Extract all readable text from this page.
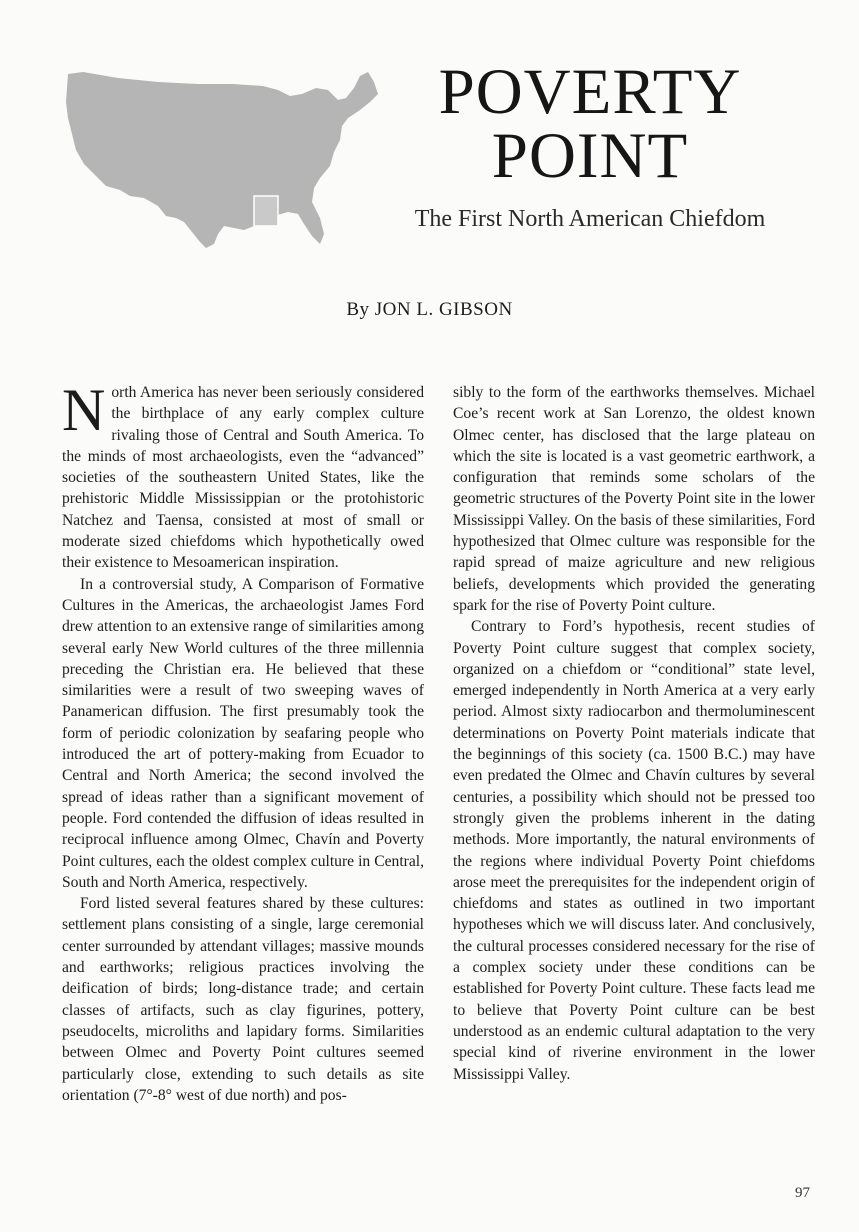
POVERTY
POINT
The First North American Chiefdom
By JON L. GIBSON

North America has never been seriously considered the birthplace of any early complex culture rivaling those of Central and South America. To the minds of most archaeologists, even the “advanced” societies of the southeastern United States, like the prehistoric Middle Mississippian or the protohistoric Natchez and Taensa, consisted at most of small or moderate sized chiefdoms which hypothetically owed their existence to Mesoamerican inspiration.

In a controversial study, A Comparison of Formative Cultures in the Americas, the archaeologist James Ford drew attention to an extensive range of similarities among several early New World cultures of the three millennia preceding the Christian era. He believed that these similarities were a result of two sweeping waves of Panamerican diffusion. The first presumably took the form of periodic colonization by seafaring people who introduced the art of pottery-making from Ecuador to Central and North America; the second involved the spread of ideas rather than a significant movement of people. Ford contended the diffusion of ideas resulted in reciprocal influence among Olmec, Chavín and Poverty Point cultures, each the oldest complex culture in Central, South and North America, respectively.

Ford listed several features shared by these cultures: settlement plans consisting of a single, large ceremonial center surrounded by attendant villages; massive mounds and earthworks; religious practices involving the deification of birds; long-distance trade; and certain classes of artifacts, such as clay figurines, pottery, pseudocelts, microliths and lapidary forms. Similarities between Olmec and Poverty Point cultures seemed particularly close, extending to such details as site orientation (7°-8° west of due north) and pos-

sibly to the form of the earthworks themselves. Michael Coe’s recent work at San Lorenzo, the oldest known Olmec center, has disclosed that the large plateau on which the site is located is a vast geometric earthwork, a configuration that reminds some scholars of the geometric structures of the Poverty Point site in the lower Mississippi Valley. On the basis of these similarities, Ford hypothesized that Olmec culture was responsible for the rapid spread of maize agriculture and new religious beliefs, developments which provided the generating spark for the rise of Poverty Point culture.

Contrary to Ford’s hypothesis, recent studies of Poverty Point culture suggest that complex society, organized on a chiefdom or “conditional” state level, emerged independently in North America at a very early period. Almost sixty radiocarbon and thermoluminescent determinations on Poverty Point materials indicate that the beginnings of this society (ca. 1500 B.C.) may have even predated the Olmec and Chavín cultures by several centuries, a possibility which should not be pressed too strongly given the problems inherent in the dating methods. More importantly, the natural environments of the regions where individual Poverty Point chiefdoms arose meet the prerequisites for the independent origin of chiefdoms and states as outlined in two important hypotheses which we will discuss later. And conclusively, the cultural processes considered necessary for the rise of a complex society under these conditions can be established for Poverty Point culture. These facts lead me to believe that Poverty Point culture can be best understood as an endemic cultural adaptation to the very special kind of riverine environment in the lower Mississippi Valley.

97
